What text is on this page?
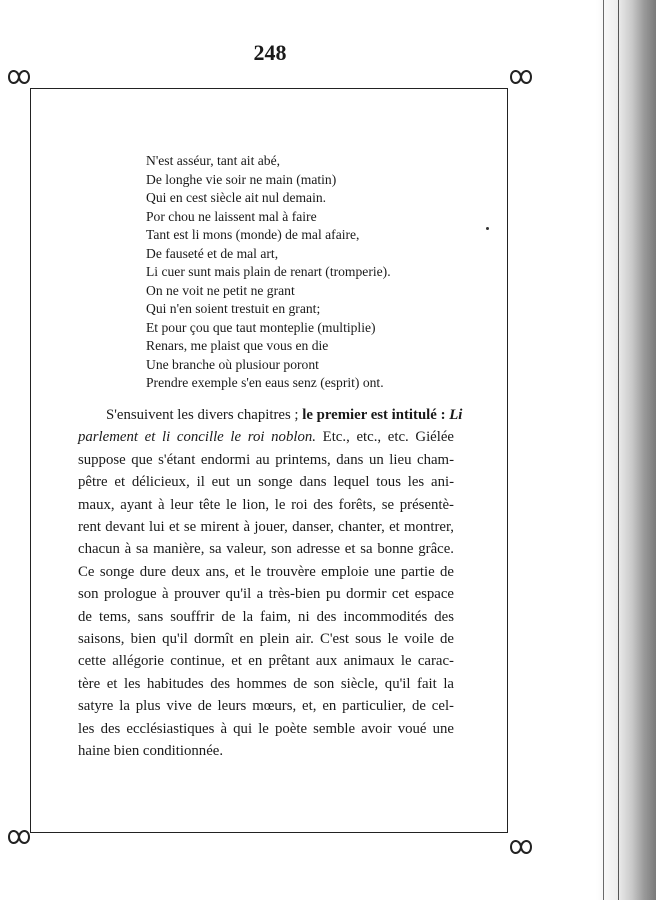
248
N'est asséur, tant ait abé,
De longhe vie soir ne main (matin)
Qui en cest siècle ait nul demain.
Por chou ne laissent mal à faire
Tant est li mons (monde) de mal afaire,
De fauseté et de mal art,
Li cuer sunt mais plain de renart (tromperie).
On ne voit ne petit ne grant
Qui n'en soient trestuit en grant;
Et pour çou que taut monteplie (multiplie)
Renars, me plaist que vous en die
Une branche où plusiour poront
Prendre exemple s'en eaus senz (esprit) ont.
S'ensuivent les divers chapitres ; le premier est intitulé : Li
parlement et li concille le roi noblon. Etc., etc., etc. Giélée
suppose que s'étant endormi au printems, dans un lieu cham-
pêtre et délicieux, il eut un songe dans lequel tous les ani-
maux, ayant à leur tête le lion, le roi des forêts, se présentè-
rent devant lui et se mirent à jouer, danser, chanter, et montrer,
chacun à sa manière, sa valeur, son adresse et sa bonne grâce.
Ce songe dure deux ans, et le trouvère emploie une partie de
son prologue à prouver qu'il a très-bien pu dormir cet espace
de tems, sans souffrir de la faim, ni des incommodités des
saisons, bien qu'il dormît en plein air. C'est sous le voile de
cette allégorie continue, et en prêtant aux animaux le carac-
tère et les habitudes des hommes de son siècle, qu'il fait la
satyre la plus vive de leurs mœurs, et, en particulier, de cel-
les des ecclésiastiques à qui le poète semble avoir voué une
haine bien conditionnée.
